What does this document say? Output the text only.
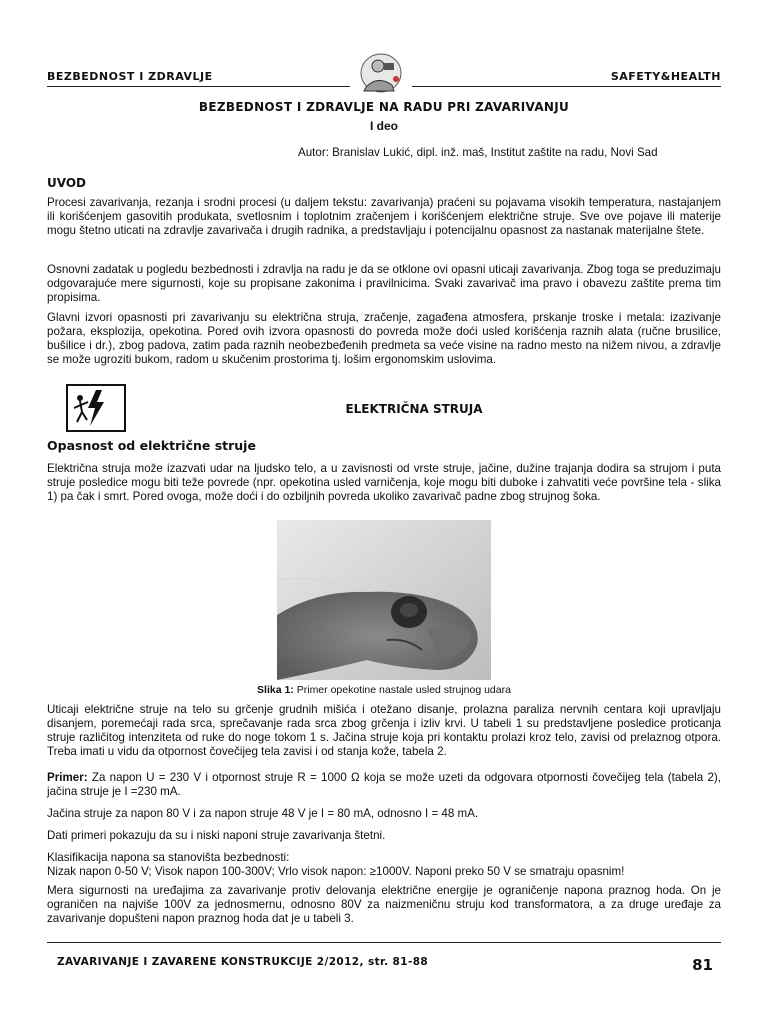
BEZBEDNOST I ZDRAVLJE	SAFETY&HEALTH
BEZBEDNOST I ZDRAVLJE NA RADU PRI ZAVARIVANJU
I deo
Autor: Branislav Lukić, dipl. inž. maš, Institut zaštite na radu, Novi Sad
UVOD
Procesi zavarivanja, rezanja i srodni procesi (u daljem tekstu: zavarivanja) praćeni su pojavama visokih temperatura, nastajanjem ili korišćenjem gasovitih produkata, svetlosnim i toplotnim zračenjem i korišćenjem električne struje. Sve ove pojave ili materije mogu štetno uticati na zdravlje zavarivača i drugih radnika, a predstavljaju i potencijalnu opasnost za nastanak materijalne štete.
Osnovni zadatak u pogledu bezbednosti i zdravlja na radu je da se otklone ovi opasni uticaji zavarivanja. Zbog toga se preduzimaju odgovarajuće mere sigurnosti, koje su propisane zakonima i pravilnicima. Svaki zavarivač ima pravo i obavezu zaštite prema tim propisima.
Glavni izvori opasnosti pri zavarivanju su električna struja, zračenje, zagađena atmosfera, prskanje troske i metala: izazivanje požara, eksplozija, opekotina. Pored ovih izvora opasnosti do povreda može doći usled korišćenja raznih alata (ručne brusilice, bušilice i dr.), zbog padova, zatim pada raznih neobezbeđenih predmeta sa veće visine na radno mesto na nižem nivou, a zdravlje se može ugroziti bukom, radom u skučenim prostorima tj. lošim ergonomskim uslovima.
ELEKTRIČNA STRUJA
Opasnost od električne struje
Električna struja može izazvati udar na ljudsko telo, a u zavisnosti od vrste struje, jačine, dužine trajanja dodira sa strujom i puta struje posledice mogu biti teže povrede (npr. opekotina usled varničenja, koje mogu biti duboke i zahvatiti veće površine tela - slika 1) pa čak i smrt. Pored ovoga, može doći i do ozbiljnih povreda ukoliko zavarivač padne zbog strujnog šoka.
Slika 1: Primer opekotine nastale usled strujnog udara
Uticaji električne struje na telo su grčenje grudnih mišića i otežano disanje, prolazna paraliza nervnih centara koji upravljaju disanjem, poremećaji rada srca, sprečavanje rada srca zbog grčenja i izliv krvi. U tabeli 1 su predstavljene posledice proticanja struje različitog intenziteta od ruke do noge tokom 1 s. Jačina struje koja pri kontaktu prolazi kroz telo, zavisi od prelaznog otpora. Treba imati u vidu da otpornost čovečijeg tela zavisi i od stanja kože, tabela 2.
Primer: Za napon U = 230 V i otpornost struje R = 1000 Ω koja se može uzeti da odgovara otpornosti čovečijeg tela (tabela 2), jačina struje je I =230 mA.
Jačina struje za napon 80 V i za napon struje 48 V je I = 80 mA, odnosno I = 48 mA.
Dati primeri pokazuju da su i niski naponi struje zavarivanja štetni.
Klasifikacija napona sa stanovišta bezbednosti:
Nizak napon 0-50 V; Visok napon 100-300V; Vrlo visok napon: ≥1000V. Naponi preko 50 V se smatraju opasnim!
Mera sigurnosti na uređajima za zavarivanje protiv delovanja električne energije je ograničenje napona praznog hoda. On je ograničen na najviše 100V za jednosmernu, odnosno 80V za naizmeničnu struju kod transformatora, a za druge uređaje za zavarivanje dopušteni napon praznog hoda dat je u tabeli 3.
ZAVARIVANJE I ZAVARENE KONSTRUKCIJE 2/2012, str. 81-88	81
